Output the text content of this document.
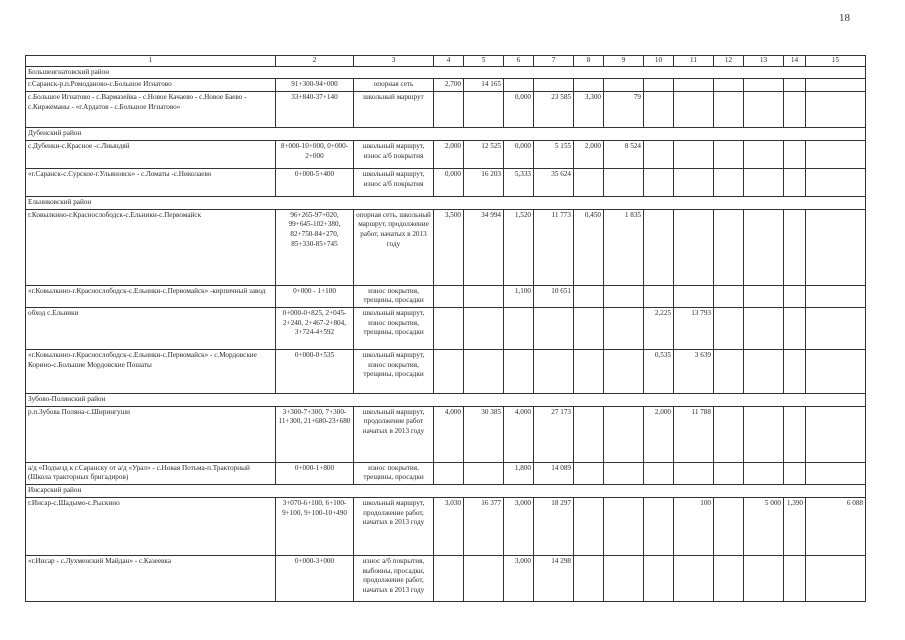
18
1	2	3	4	5	6	7	8	9	10	11	12	13	14	15
Большеигнатовский район														
г.Саранск-р.п.Ромоданово-с.Большое Игнатово	91+300-94+000	опорная сеть	2,700	14 165										
с.Большое Игнатово - с.Вармазейка - с.Новое Качаево - с.Новое Баево - с.Киржеманы - «г.Ардатов - с.Большое Игнатово»	33+840-37+140	школьный маршрут			0,000	23 585	3,300	79						
Дубенский район														
с.Дубенки-с.Красное -с.Лиындяй	8+000-10+000, 0+000-2+000	школьный маршрут, износ а/б покрытия	2,000	12 525	0,000	5 155	2,000	8 524						
«г.Саранск-с.Сурское-г.Ульяновск» - с.Ломаты -с.Николаево	0+000-5+400	школьный маршрут, износ а/б покрытия	0,000	16 203	5,333	35 624								
Ельниковский район														
г.Ковылкино-г.Краснослободск-с.Ельники-с.Первомайск	96+265-97+020, 99+645-102+380, 82+750-84+270, 85+330-85+745	опорная сеть, школьный маршрут, продолжение работ, начатых в 2013 году	3,500	34 994	1,520	11 773	0,450	1 835						
«г.Ковылкино-г.Краснослободск-с.Ельники-с.Первомайск» -кирпичный завод	0+000 - 1+100	износ покрытия, трещины, просадки			1,100	10 651								
обход с.Ельники	0+000-0+825, 2+045-2+240, 2+467-2+804, 3+724-4+592	школьный маршрут, износ покрытия, трещины, просадки							2,225	13 793				
«г.Ковылкино-г.Краснослободск-с.Ельники-с.Первомайск» - с.Мордовские Корино-с.Большие Мордовские Пошаты	0+000-0+535	школьный маршрут, износ покрытия, трещины, просадки							0,535	3 639				
Зубово-Полянский район														
р.п.Зубова Поляна-с.Ширингуши	3+300-7+300, 7+300-11+300, 21+680-23+680	школьный маршрут, продолжение работ начатых в 2013 году	4,000	30 385	4,000	27 173			2,000	11 788				
а/д «Подъезд к г.Саранску от а/д «Урал» - с.Новая Потьма-п.Тракторный (Школа тракторных бригадиров)	0+000-1+800	износ покрытия, трещины, просадки			1,800	14 089								
Инсарский район														
г.Инсар-с.Шадымо-с.Рыскино	3+070-6+100, 6+100-9+100, 9+100-10+490	школьный маршрут, продолжение работ, начатых в 2013 году	3,030	16 377	3,000	18 297				100		5 000	1,390	6 088
«г.Инсар - с.Лухменский Майдан» - с.Казеевка	0+000-3+000	износ а/б покрытия, выбоины, просадки, продолжение работ, начатых в 2013 году			3,000	14 298								
